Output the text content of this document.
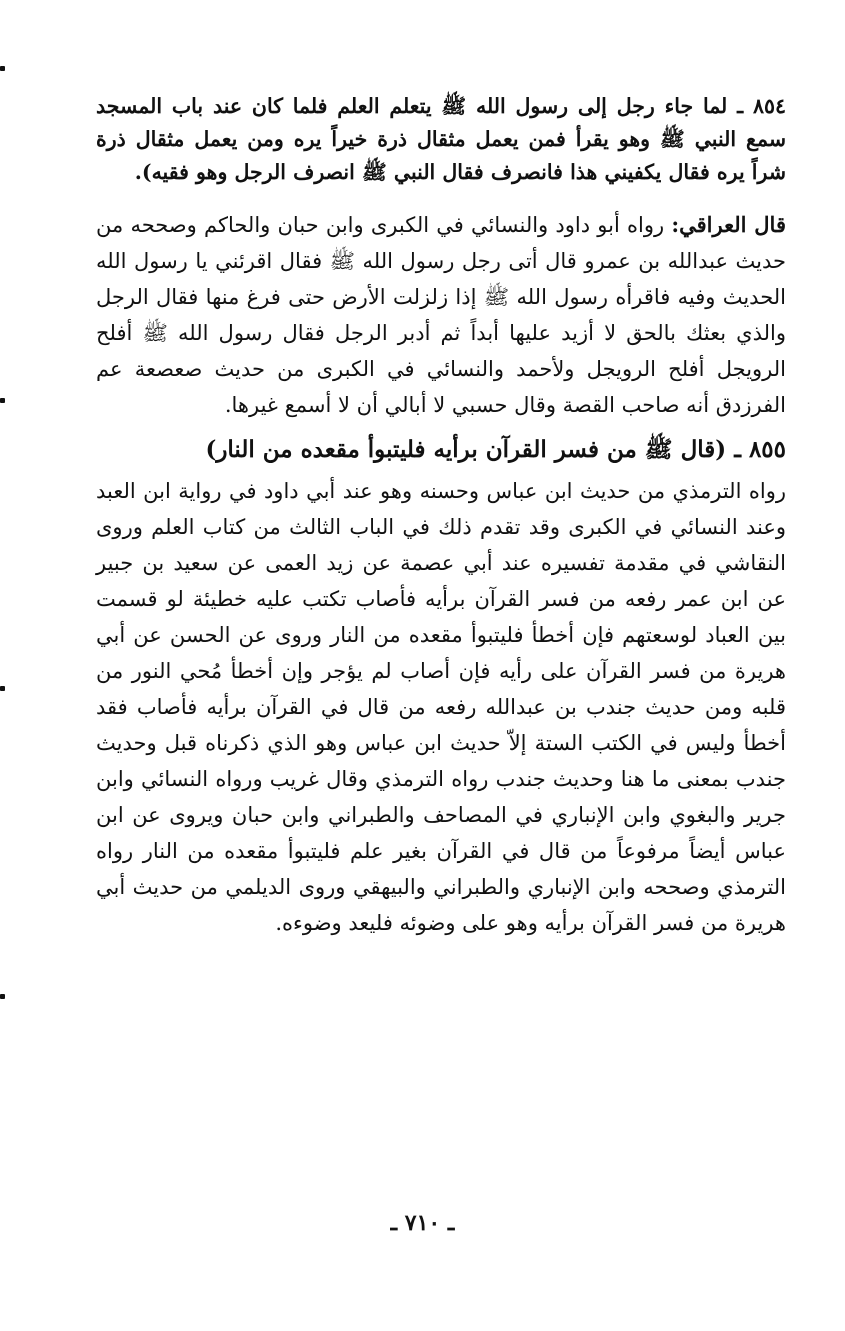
٨٥٤ ـ لما جاء رجل إلى رسول الله ﷺ يتعلم العلم فلما كان عند باب المسجد سمع النبي ﷺ وهو يقرأ فمن يعمل مثقال ذرة خيراً يره ومن يعمل مثقال ذرة شراً يره فقال يكفيني هذا فانصرف فقال النبي ﷺ انصرف الرجل وهو فقيه).

قال العراقي: رواه أبو داود والنسائي في الكبرى وابن حبان والحاكم وصححه من حديث عبدالله بن عمرو قال أتى رجل رسول الله ﷺ فقال اقرئني يا رسول الله الحديث وفيه فاقرأه رسول الله ﷺ إذا زلزلت الأرض حتى فرغ منها فقال الرجل والذي بعثك بالحق لا أزيد عليها أبداً ثم أدبر الرجل فقال رسول الله ﷺ أفلح الرويجل أفلح الرويجل ولأحمد والنسائي في الكبرى من حديث صعصعة عم الفرزدق أنه صاحب القصة وقال حسبي لا أبالي أن لا أسمع غيرها.

٨٥٥ ـ (قال ﷺ من فسر القرآن برأيه فليتبوأ مقعده من النار)

رواه الترمذي من حديث ابن عباس وحسنه وهو عند أبي داود في رواية ابن العبد وعند النسائي في الكبرى وقد تقدم ذلك في الباب الثالث من كتاب العلم وروى النقاشي في مقدمة تفسيره عند أبي عصمة عن زيد العمى عن سعيد بن جبير عن ابن عمر رفعه من فسر القرآن برأيه فأصاب تكتب عليه خطيئة لو قسمت بين العباد لوسعتهم فإن أخطأ فليتبوأ مقعده من النار وروى عن الحسن عن أبي هريرة من فسر القرآن على رأيه فإن أصاب لم يؤجر وإن أخطأ مُحي النور من قلبه ومن حديث جندب بن عبدالله رفعه من قال في القرآن برأيه فأصاب فقد أخطأ وليس في الكتب الستة إلاّ حديث ابن عباس وهو الذي ذكرناه قبل وحديث جندب بمعنى ما هنا وحديث جندب رواه الترمذي وقال غريب ورواه النسائي وابن جرير والبغوي وابن الإنباري في المصاحف والطبراني وابن حبان ويروى عن ابن عباس أيضاً مرفوعاً من قال في القرآن بغير علم فليتبوأ مقعده من النار رواه الترمذي وصححه وابن الإنباري والطبراني والبيهقي وروى الديلمي من حديث أبي هريرة من فسر القرآن برأيه وهو على وضوئه فليعد وضوءه.

ـ ٧١٠ ـ
